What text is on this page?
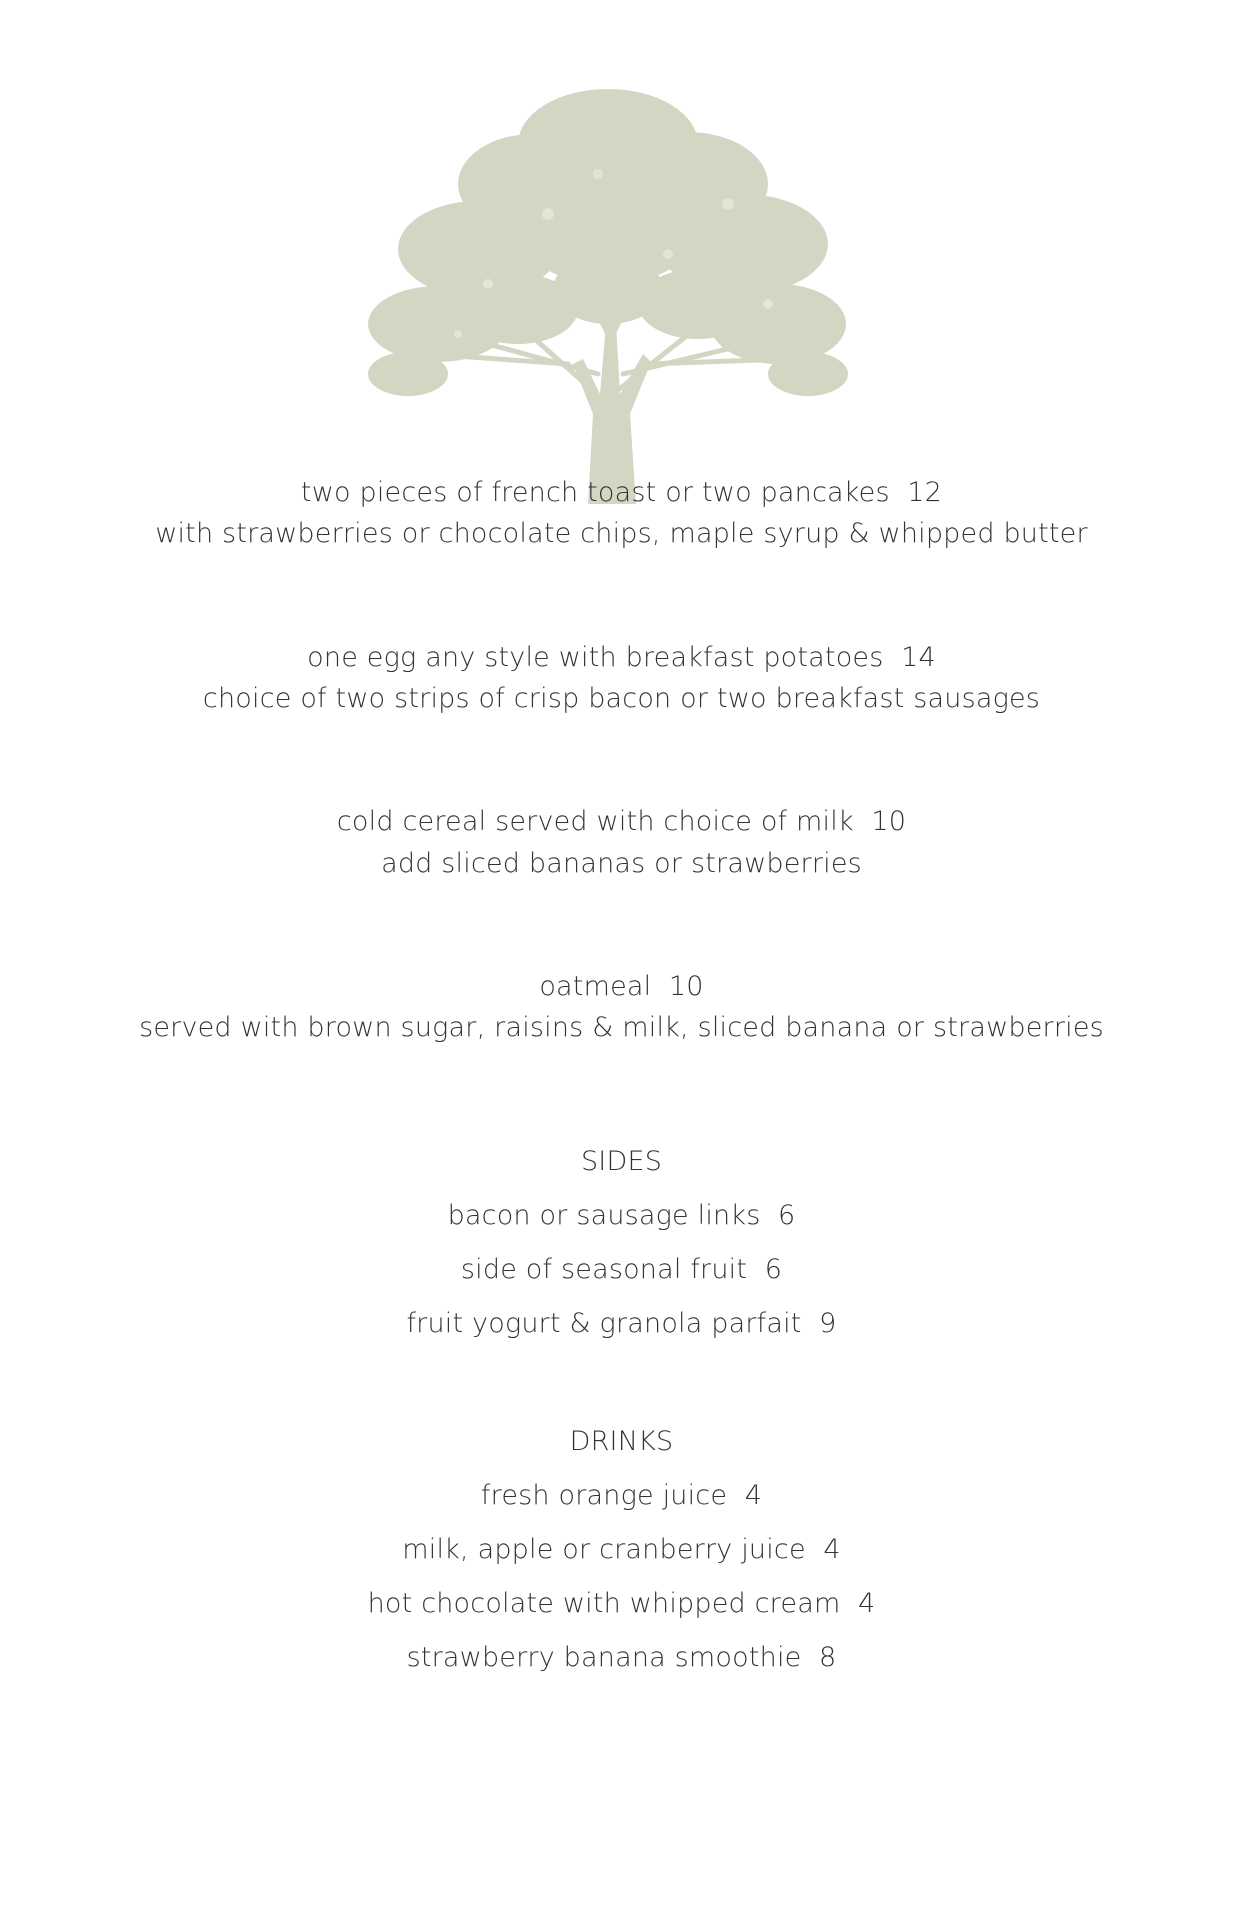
two pieces of french toast or two pancakes  12
with strawberries or chocolate chips, maple syrup & whipped butter
one egg any style with breakfast potatoes  14
choice of two strips of crisp bacon or two breakfast sausages
cold cereal served with choice of milk  10
add sliced bananas or strawberries
oatmeal  10
served with brown sugar, raisins & milk, sliced banana or strawberries
SIDES
bacon or sausage links  6
side of seasonal fruit  6
fruit yogurt & granola parfait  9
DRINKS
fresh orange juice  4
milk, apple or cranberry juice  4
hot chocolate with whipped cream  4
strawberry banana smoothie  8
